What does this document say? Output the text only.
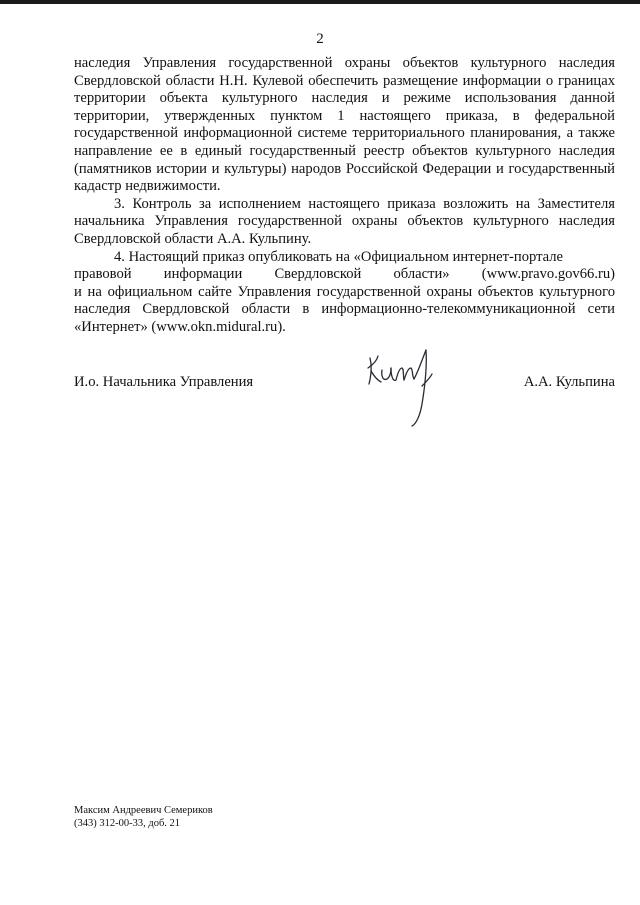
2

наследия Управления государственной охраны объектов культурного наследия Свердловской области Н.Н. Кулевой обеспечить размещение информации о границах территории объекта культурного наследия и режиме использования данной территории, утвержденных пунктом 1 настоящего приказа, в федеральной государственной информационной системе территориального планирования, а также направление ее в единый государственный реестр объектов культурного наследия (памятников истории и культуры) народов Российской Федерации и государственный кадастр недвижимости.

3. Контроль за исполнением настоящего приказа возложить на Заместителя начальника Управления государственной охраны объектов культурного наследия Свердловской области А.А. Кульпину.

4. Настоящий приказ опубликовать на «Официальном интернет-портале
правовой информации Свердловской области» (www.pravo.gov66.ru)
и на официальном сайте Управления государственной охраны объектов культурного наследия Свердловской области в информационно-телекоммуникационной сети «Интернет» (www.okn.midural.ru).

И.о. Начальника Управления	А.А. Кульпина
Максим Андреевич Семериков
(343) 312-00-33, доб. 21
